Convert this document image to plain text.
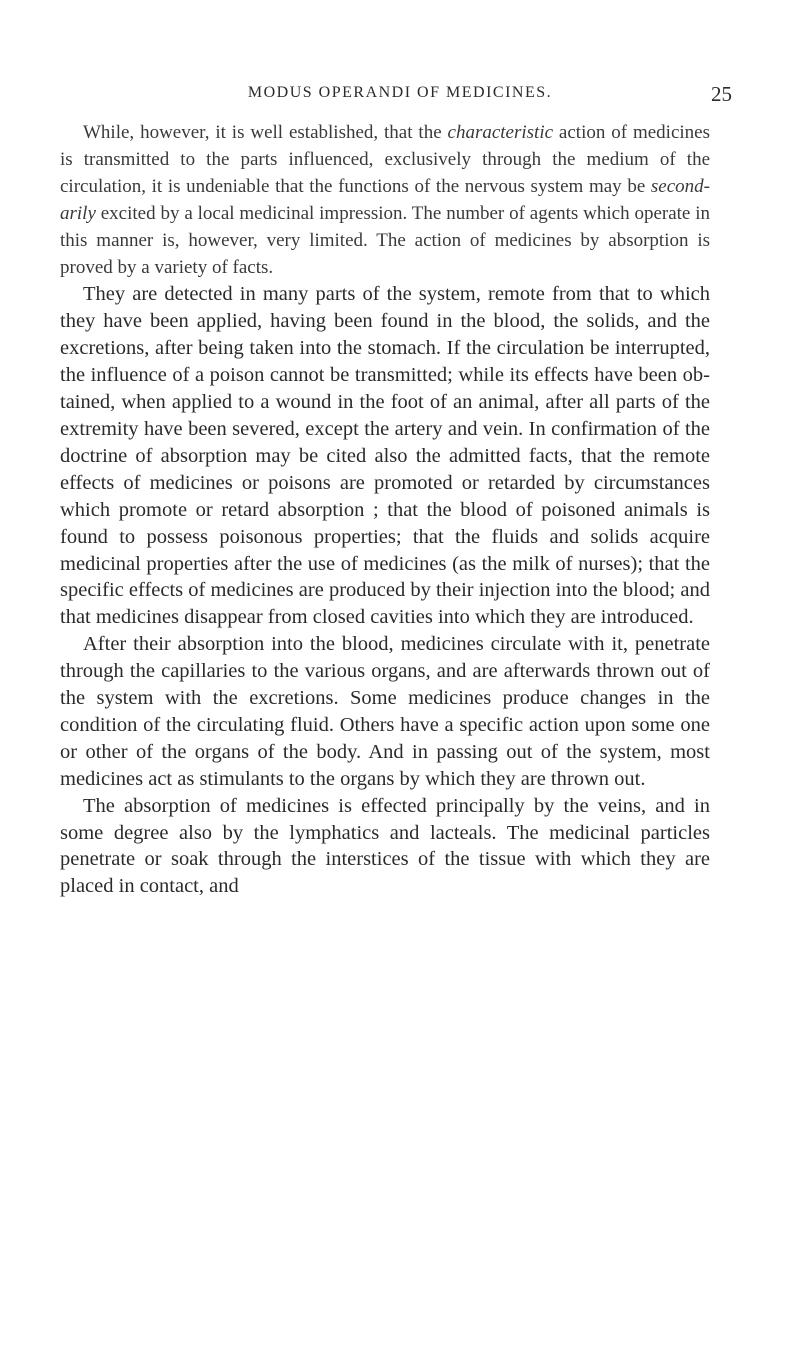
MODUS OPERANDI OF MEDICINES.	25

While, however, it is well established, that the characteristic action of medicines is transmitted to the parts influenced, exclusively through the medium of the circulation, it is undeniable that the functions of the nervous system may be secondarily excited by a local medicinal impression. The number of agents which operate in this manner is, however, very limited. The action of medicines by absorption is proved by a variety of facts.

They are detected in many parts of the system, remote from that to which they have been applied, having been found in the blood, the solids, and the excretions, after being taken into the stomach. If the circulation be interrupted, the influence of a poison cannot be transmitted; while its effects have been obtained, when applied to a wound in the foot of an animal, after all parts of the extremity have been severed, except the artery and vein. In confirmation of the doctrine of absorption may be cited also the admitted facts, that the remote effects of medicines or poisons are promoted or retarded by circumstances which promote or retard absorption ; that the blood of poisoned animals is found to possess poisonous properties; that the fluids and solids acquire medicinal properties after the use of medicines (as the milk of nurses); that the specific effects of medicines are produced by their injection into the blood; and that medicines disappear from closed cavities into which they are introduced.

After their absorption into the blood, medicines circulate with it, penetrate through the capillaries to the various organs, and are afterwards thrown out of the system with the excretions. Some medicines produce changes in the condition of the circulating fluid. Others have a specific action upon some one or other of the organs of the body. And in passing out of the system, most medicines act as stimulants to the organs by which they are thrown out.

The absorption of medicines is effected principally by the veins, and in some degree also by the lymphatics and lacteals. The medicinal particles penetrate or soak through the interstices of the tissue with which they are placed in contact, and
